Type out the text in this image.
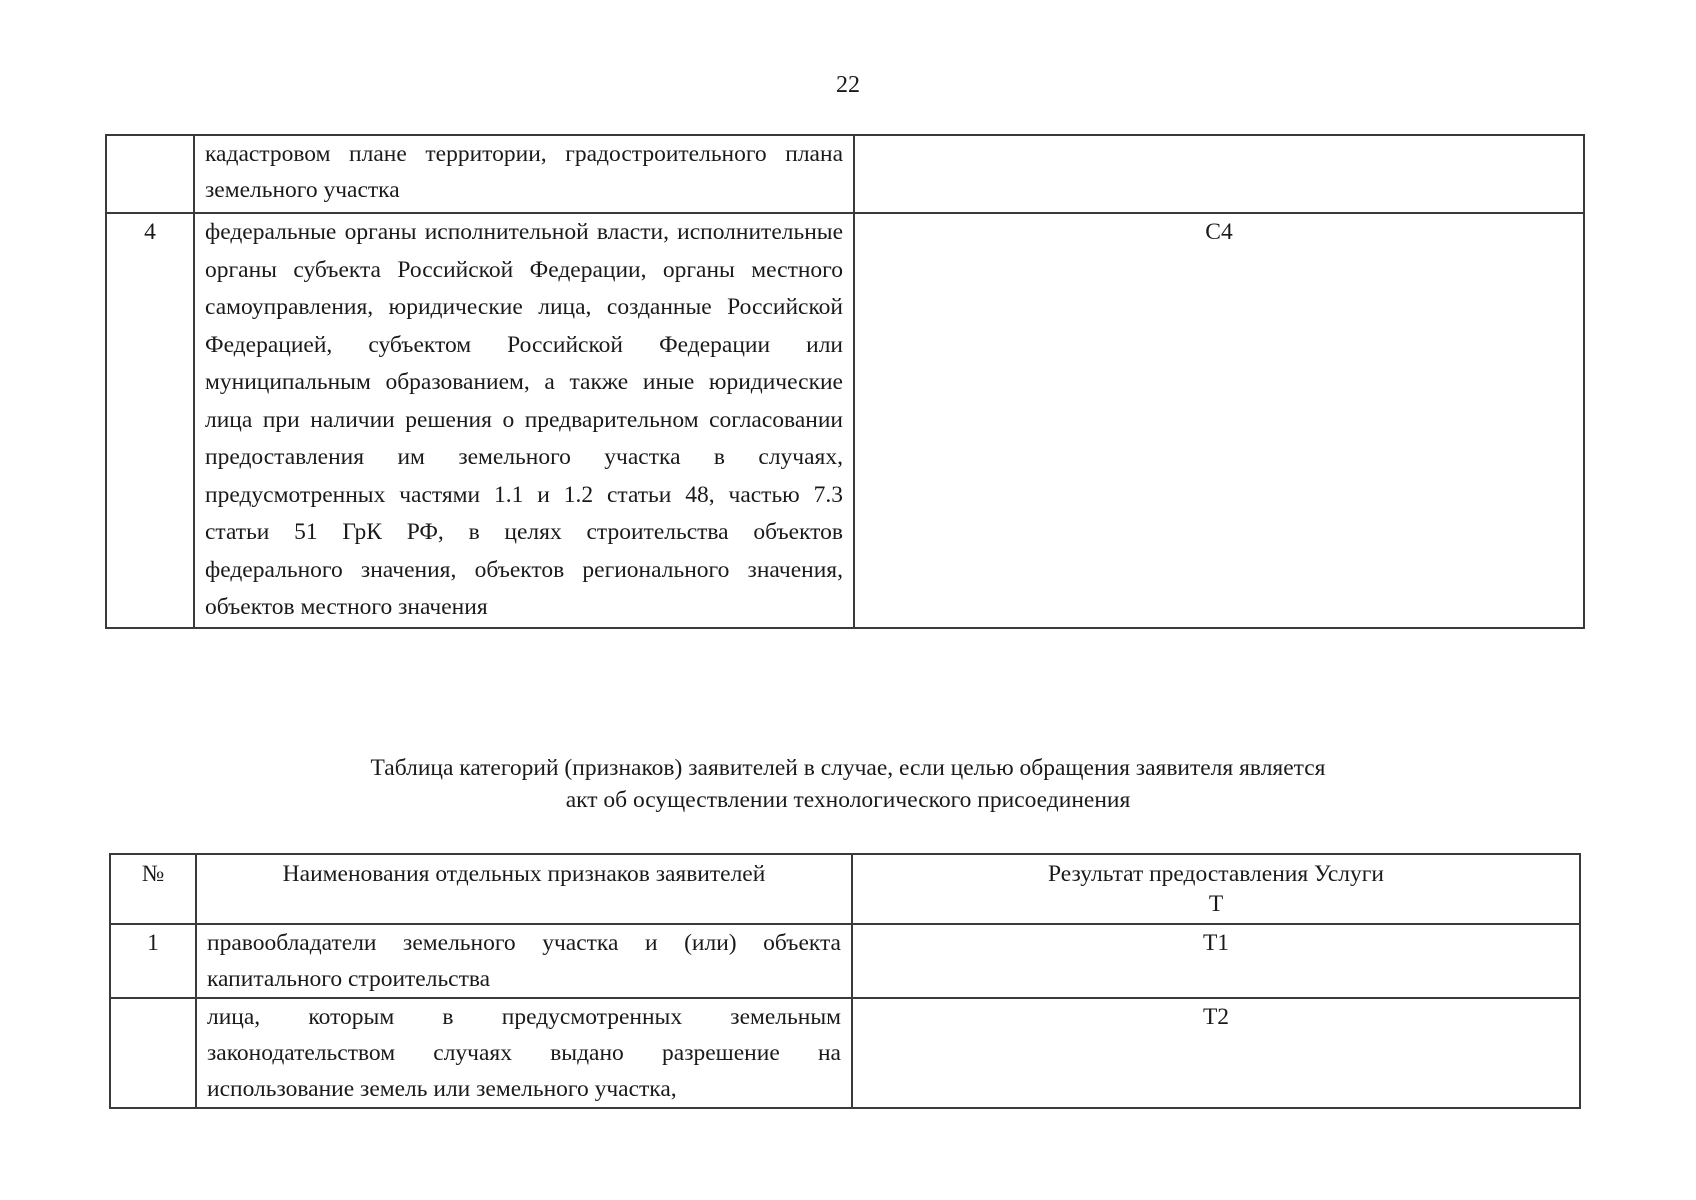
22
	кадастровом плане территории, градостроительного плана земельного участка	
4	федеральные органы исполнительной власти, исполнительные органы субъекта Российской Федерации, органы местного самоуправления, юридические лица, созданные Российской Федерацией, субъектом Российской Федерации или муниципальным образованием, а также иные юридические лица при наличии решения о предварительном согласовании предоставления им земельного участка в случаях, предусмотренных частями 1.1 и 1.2 статьи 48, частью 7.3 статьи 51 ГрК РФ, в целях строительства объектов федерального значения, объектов регионального значения, объектов местного значения	С4
Таблица категорий (признаков) заявителей в случае, если целью обращения заявителя является
акт об осуществлении технологического присоединения
№	Наименования отдельных признаков заявителей	Результат предоставления Услуги
Т

1	правообладатели земельного участка и (или) объекта капитального строительства	Т1
	лица, которым в предусмотренных земельным законодательством случаях выдано разрешение на использование земель или земельного участка,	Т2
